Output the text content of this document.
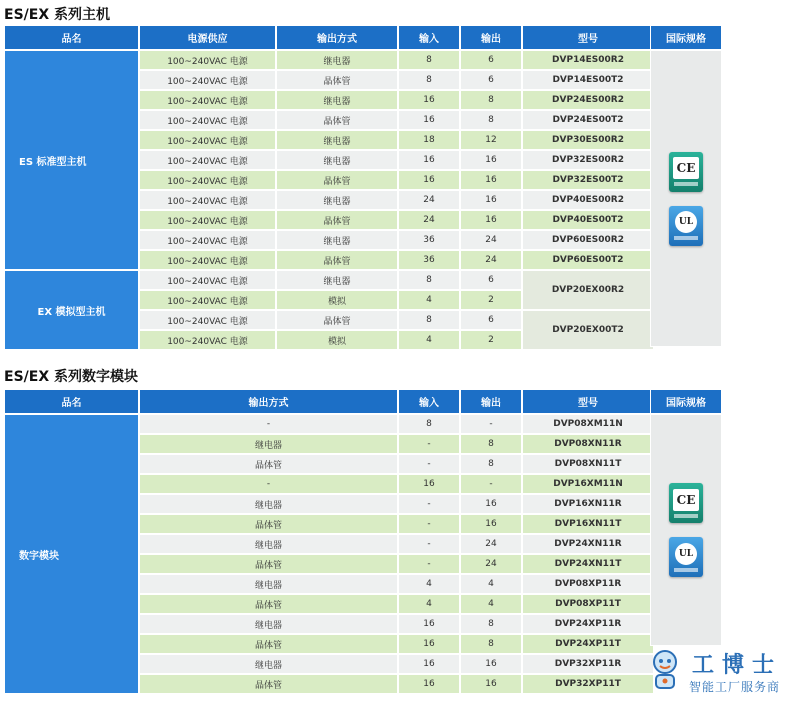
ES/EX 系列主机
品名	电源供应	输出方式	输入	输出	型号
ES 标准型主机	100~240VAC 电源	继电器	8	6	DVP14ES00R2
	100~240VAC 电源	晶体管	8	6	DVP14ES00T2
	100~240VAC 电源	继电器	16	8	DVP24ES00R2
	100~240VAC 电源	晶体管	16	8	DVP24ES00T2
	100~240VAC 电源	继电器	18	12	DVP30ES00R2
	100~240VAC 电源	继电器	16	16	DVP32ES00R2
	100~240VAC 电源	晶体管	16	16	DVP32ES00T2
	100~240VAC 电源	继电器	24	16	DVP40ES00R2
	100~240VAC 电源	晶体管	24	16	DVP40ES00T2
	100~240VAC 电源	继电器	36	24	DVP60ES00R2
	100~240VAC 电源	晶体管	36	24	DVP60ES00T2
EX 模拟型主机	100~240VAC 电源	继电器	8	6	DVP20EX00R2
	100~240VAC 电源	模拟	4	2	
	100~240VAC 电源	晶体管	8	6	DVP20EX00T2
	100~240VAC 电源	模拟	4	2	
国际规格

CE
UL
ES/EX 系列数字模块
品名	输出方式	输入	输出	型号
数字模块	-	8	-	DVP08XM11N
	继电器	-	8	DVP08XN11R
	晶体管	-	8	DVP08XN11T
	-	16	-	DVP16XM11N
	继电器	-	16	DVP16XN11R
	晶体管	-	16	DVP16XN11T
	继电器	-	24	DVP24XN11R
	晶体管	-	24	DVP24XN11T
	继电器	4	4	DVP08XP11R
	晶体管	4	4	DVP08XP11T
	继电器	16	8	DVP24XP11R
	晶体管	16	8	DVP24XP11T
	继电器	16	16	DVP32XP11R
	晶体管	16	16	DVP32XP11T
国际规格

CE
UL
工博士
智能工厂服务商
